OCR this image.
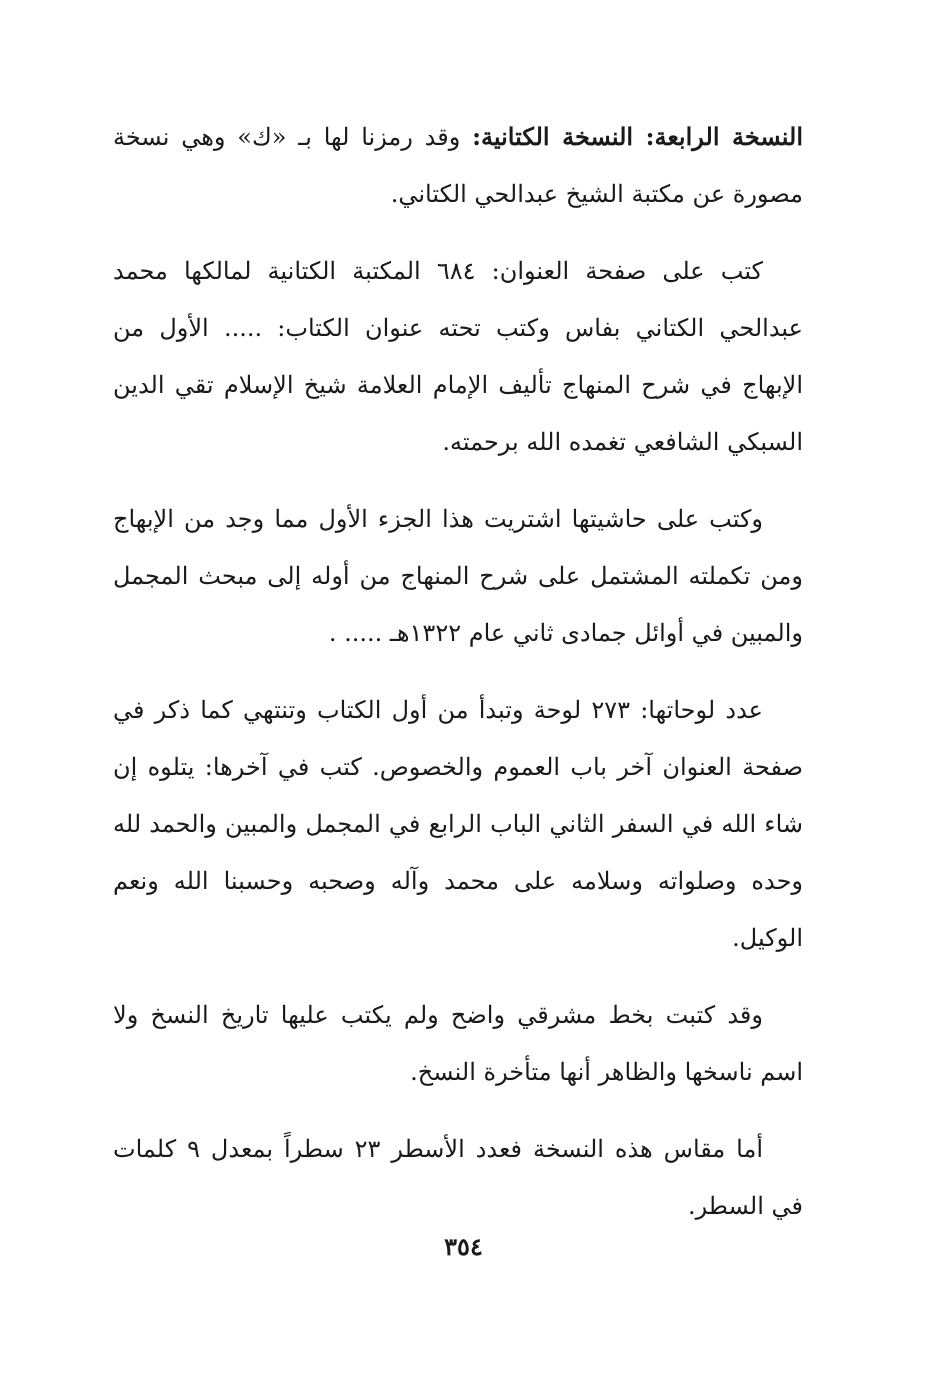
النسخة الرابعة: النسخة الكتانية: وقد رمزنا لها بـ «ك» وهي نسخة مصورة عن مكتبة الشيخ عبدالحي الكتاني.

كتب على صفحة العنوان: ٦٨٤ المكتبة الكتانية لمالكها محمد عبدالحي الكتاني بفاس وكتب تحته عنوان الكتاب: ..... الأول من الإبهاج في شرح المنهاج تأليف الإمام العلامة شيخ الإسلام تقي الدين السبكي الشافعي تغمده الله برحمته.

وكتب على حاشيتها اشتريت هذا الجزء الأول مما وجد من الإبهاج ومن تكملته المشتمل على شرح المنهاج من أوله إلى مبحث المجمل والمبين في أوائل جمادى ثاني عام ١٣٢٢هـ ..... .

عدد لوحاتها: ٢٧٣ لوحة وتبدأ من أول الكتاب وتنتهي كما ذكر في صفحة العنوان آخر باب العموم والخصوص. كتب في آخرها: يتلوه إن شاء الله في السفر الثاني الباب الرابع في المجمل والمبين والحمد لله وحده وصلواته وسلامه على محمد وآله وصحبه وحسبنا الله ونعم الوكيل.

وقد كتبت بخط مشرقي واضح ولم يكتب عليها تاريخ النسخ ولا اسم ناسخها والظاهر أنها متأخرة النسخ.

أما مقاس هذه النسخة فعدد الأسطر ٢٣ سطراً بمعدل ٩ كلمات في السطر.

٣٥٤
